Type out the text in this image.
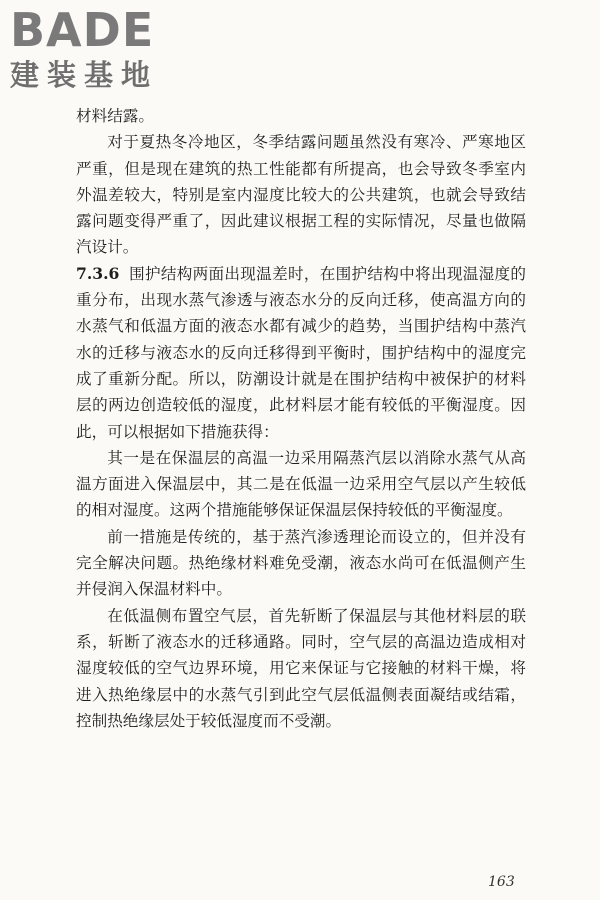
BADE
建装基地

材料结露。

对于夏热冬冷地区，冬季结露问题虽然没有寒冷、严寒地区严重，但是现在建筑的热工性能都有所提高，也会导致冬季室内外温差较大，特别是室内湿度比较大的公共建筑，也就会导致结露问题变得严重了，因此建议根据工程的实际情况，尽量也做隔汽设计。

7.3.6 围护结构两面出现温差时，在围护结构中将出现温湿度的重分布，出现水蒸气渗透与液态水分的反向迁移，使高温方向的水蒸气和低温方面的液态水都有减少的趋势，当围护结构中蒸汽水的迁移与液态水的反向迁移得到平衡时，围护结构中的湿度完成了重新分配。所以，防潮设计就是在围护结构中被保护的材料层的两边创造较低的湿度，此材料层才能有较低的平衡湿度。因此，可以根据如下措施获得：

其一是在保温层的高温一边采用隔蒸汽层以消除水蒸气从高温方面进入保温层中，其二是在低温一边采用空气层以产生较低的相对湿度。这两个措施能够保证保温层保持较低的平衡湿度。

前一措施是传统的，基于蒸汽渗透理论而设立的，但并没有完全解决问题。热绝缘材料难免受潮，液态水尚可在低温侧产生并侵润入保温材料中。

在低温侧布置空气层，首先斩断了保温层与其他材料层的联系，斩断了液态水的迁移通路。同时，空气层的高温边造成相对湿度较低的空气边界环境，用它来保证与它接触的材料干燥，将进入热绝缘层中的水蒸气引到此空气层低温侧表面凝结或结霜，控制热绝缘层处于较低湿度而不受潮。

163
